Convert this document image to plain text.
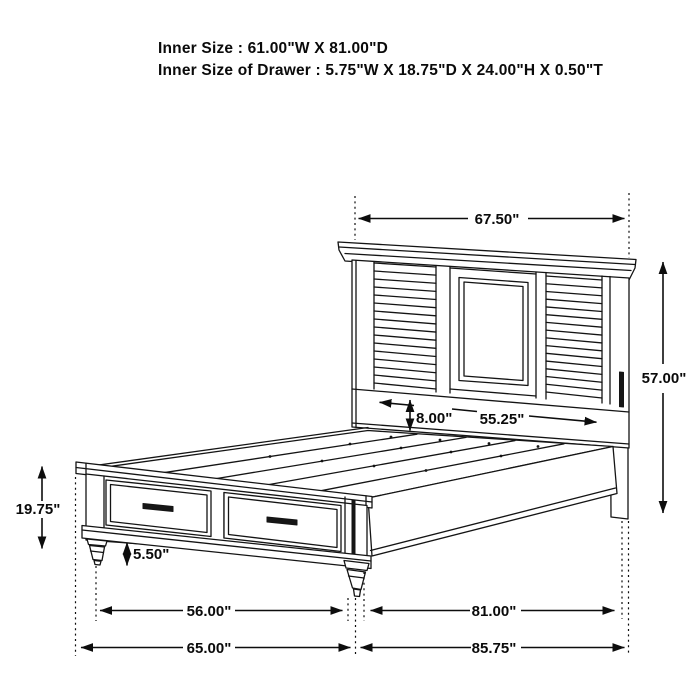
Inner Size : 61.00"W X 81.00"D
Inner Size of Drawer : 5.75"W X 18.75"D X 24.00"H X 0.50"T
67.50"
57.00"
8.00" 55.25"
19.75"
5.50"
56.00"	81.00"
65.00"	85.75"
